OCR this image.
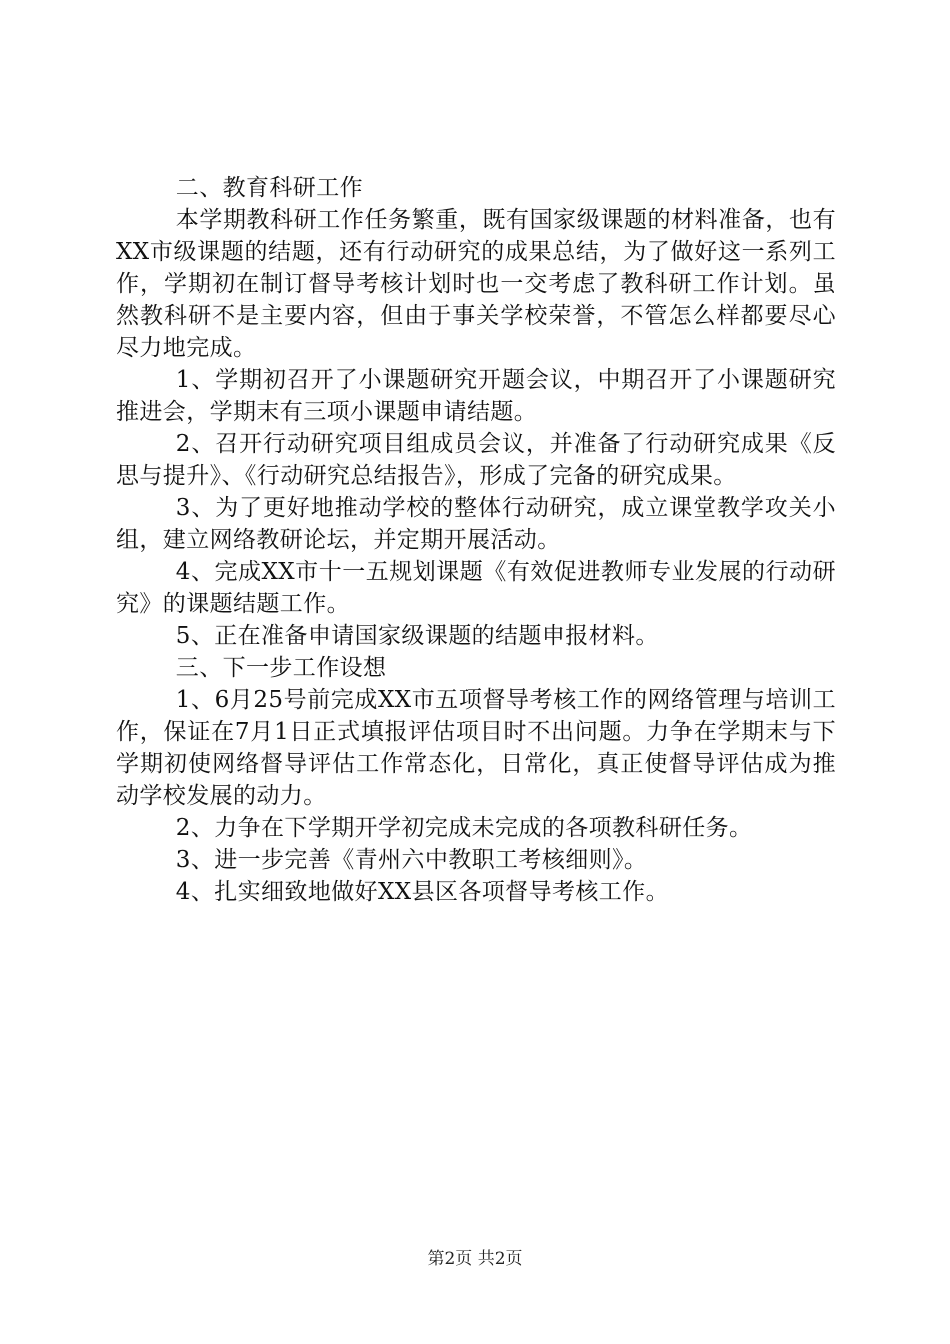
二、教育科研工作

本学期教科研工作任务繁重，既有国家级课题的材料准备，也有XX市级课题的结题，还有行动研究的成果总结，为了做好这一系列工作，学期初在制订督导考核计划时也一交考虑了教科研工作计划。虽然教科研不是主要内容，但由于事关学校荣誉，不管怎么样都要尽心尽力地完成。

1、学期初召开了小课题研究开题会议，中期召开了小课题研究推进会，学期末有三项小课题申请结题。

2、召开行动研究项目组成员会议，并准备了行动研究成果《反思与提升》、《行动研究总结报告》，形成了完备的研究成果。

3、为了更好地推动学校的整体行动研究，成立课堂教学攻关小组，建立网络教研论坛，并定期开展活动。

4、完成XX市十一五规划课题《有效促进教师专业发展的行动研究》的课题结题工作。

5、正在准备申请国家级课题的结题申报材料。

三、下一步工作设想

1、6月25号前完成XX市五项督导考核工作的网络管理与培训工作，保证在7月1日正式填报评估项目时不出问题。力争在学期末与下学期初使网络督导评估工作常态化，日常化，真正使督导评估成为推动学校发展的动力。

2、力争在下学期开学初完成未完成的各项教科研任务。

3、进一步完善《青州六中教职工考核细则》。

4、扎实细致地做好XX县区各项督导考核工作。

第2页 共2页
